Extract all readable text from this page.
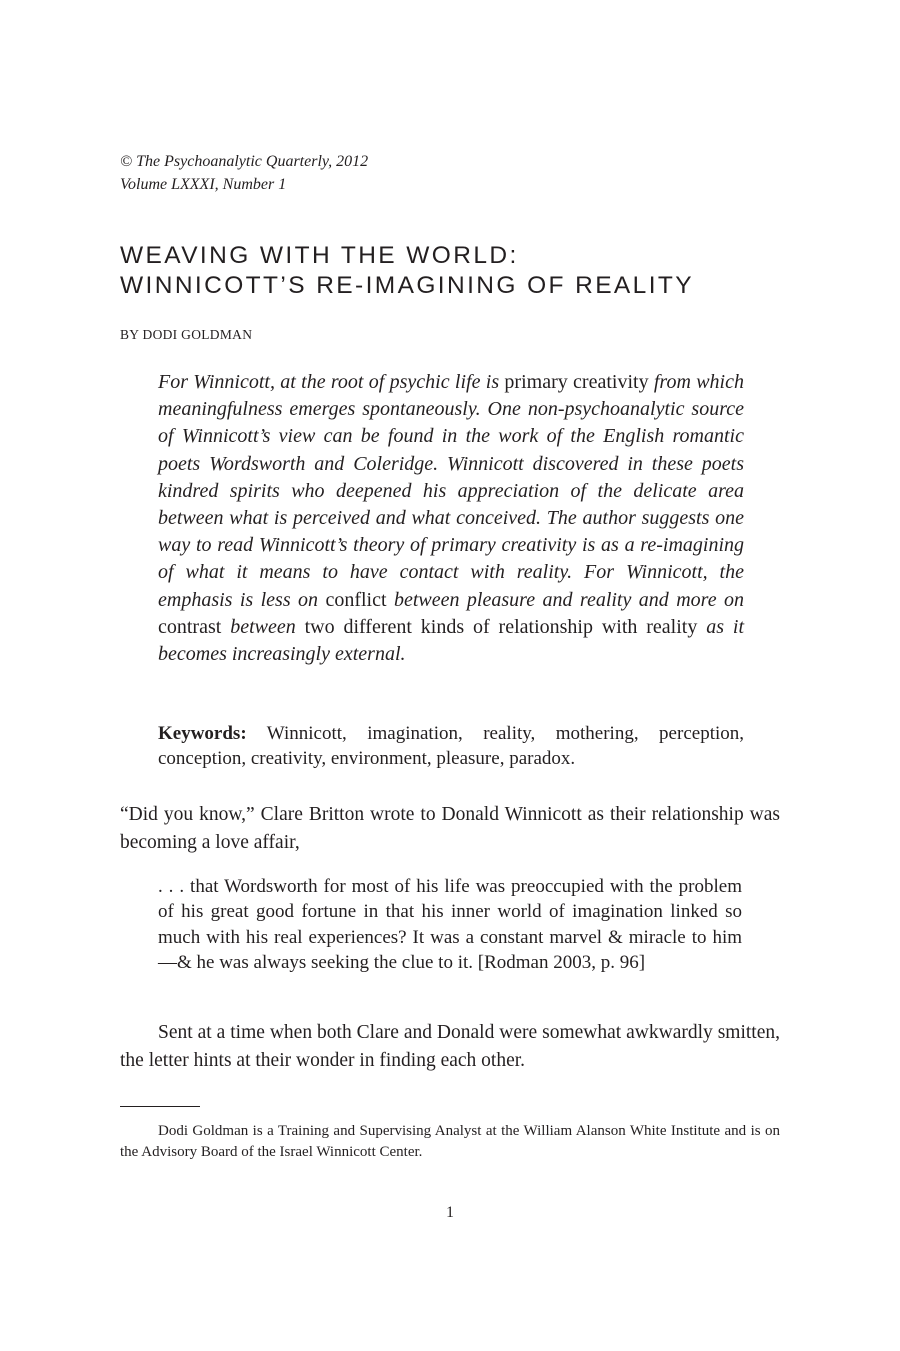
© The Psychoanalytic Quarterly, 2012
Volume LXXXI, Number 1
WEAVING WITH THE WORLD:
WINNICOTT’S RE-IMAGINING OF REALITY
BY DODI GOLDMAN

For Winnicott, at the root of psychic life is primary creativity from which meaningfulness emerges spontaneously. One non-psychoanalytic source of Winnicott’s view can be found in the work of the English romantic poets Wordsworth and Coleridge. Winnicott discovered in these poets kindred spirits who deepened his appreciation of the delicate area between what is perceived and what conceived. The author suggests one way to read Winnicott’s theory of primary creativity is as a re-imagining of what it means to have contact with reality. For Winnicott, the emphasis is less on conflict between pleasure and reality and more on contrast between two different kinds of relationship with reality as it becomes increasingly external.

Keywords: Winnicott, imagination, reality, mothering, perception, conception, creativity, environment, pleasure, paradox.

“Did you know,” Clare Britton wrote to Donald Winnicott as their relationship was becoming a love affair,

. . . that Wordsworth for most of his life was preoccupied with the problem of his great good fortune in that his inner world of imagination linked so much with his real experiences? It was a constant marvel & miracle to him—& he was always seeking the clue to it. [Rodman 2003, p. 96]

Sent at a time when both Clare and Donald were somewhat awkwardly smitten, the letter hints at their wonder in finding each other.

Dodi Goldman is a Training and Supervising Analyst at the William Alanson White Institute and is on the Advisory Board of the Israel Winnicott Center.

1
